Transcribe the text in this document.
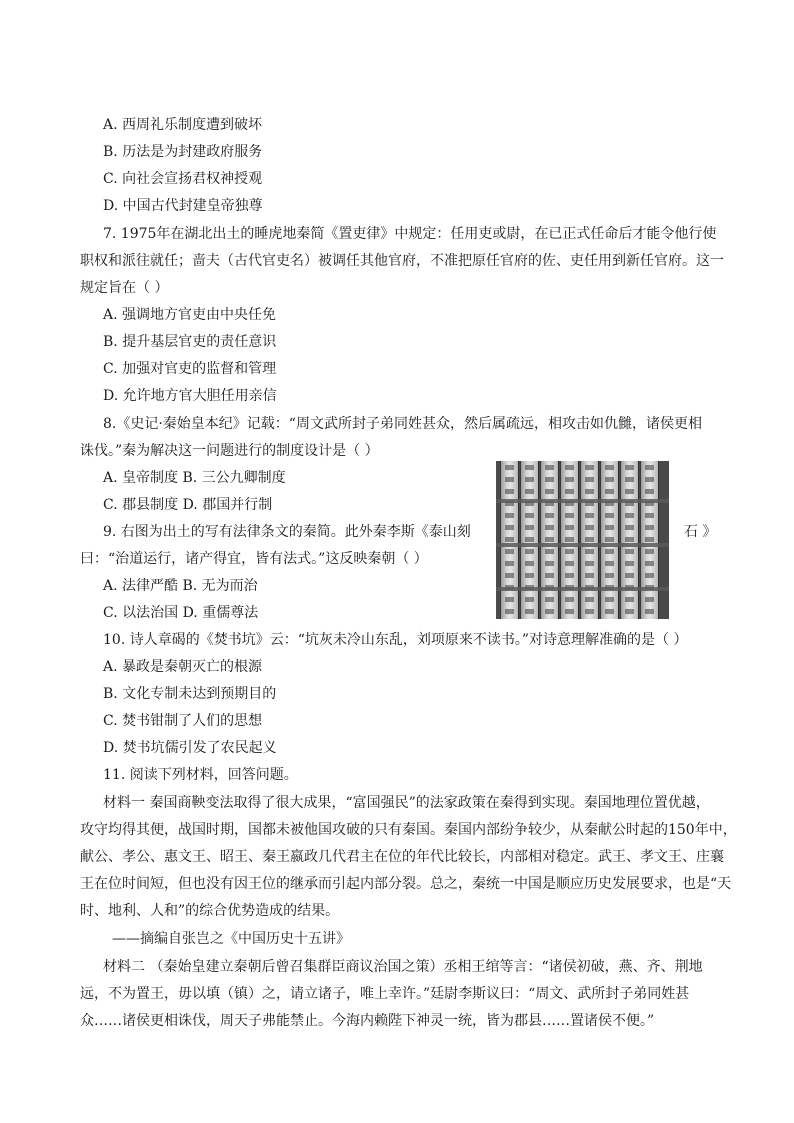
A. 西周礼乐制度遭到破坏
B. 历法是为封建政府服务
C. 向社会宣扬君权神授观
D. 中国古代封建皇帝独尊
7. 1975年在湖北出土的睡虎地秦简《置吏律》中规定：任用吏或尉，在已正式任命后才能令他行使
职权和派往就任；啬夫（古代官吏名）被调任其他官府，不准把原任官府的佐、吏任用到新任官府。这一
规定旨在（ ）
A. 强调地方官吏由中央任免
B. 提升基层官吏的责任意识
C. 加强对官吏的监督和管理
D. 允许地方官大胆任用亲信
8.《史记·秦始皇本纪》记载：“周文武所封子弟同姓甚众，然后属疏远，相攻击如仇雠，诸侯更相
诛伐。”秦为解决这一问题进行的制度设计是（ ）
A. 皇帝制度 B. 三公九卿制度
C. 郡县制度 D. 郡国并行制
9. 右图为出土的写有法律条文的秦简。此外秦李斯《泰山刻	石 》
曰：“治道运行，诸产得宜，皆有法式。”这反映秦朝（ ）
A. 法律严酷 B. 无为而治
C. 以法治国 D. 重儒尊法
10. 诗人章碣的《焚书坑》云：“坑灰未冷山东乱，刘项原来不读书。”对诗意理解准确的是（ ）
A. 暴政是秦朝灭亡的根源
B. 文化专制未达到预期目的
C. 焚书钳制了人们的思想
D. 焚书坑儒引发了农民起义
11. 阅读下列材料，回答问题。
材料一 秦国商鞅变法取得了很大成果，“富国强民”的法家政策在秦得到实现。秦国地理位置优越，
攻守均得其便，战国时期，国都未被他国攻破的只有秦国。秦国内部纷争较少，从秦献公时起的150年中，
献公、孝公、惠文王、昭王、秦王嬴政几代君主在位的年代比较长，内部相对稳定。武王、孝文王、庄襄
王在位时间短，但也没有因王位的继承而引起内部分裂。总之，秦统一中国是顺应历史发展要求，也是“天
时、地利、人和”的综合优势造成的结果。
——摘编自张岂之《中国历史十五讲》
材料二 （秦始皇建立秦朝后曾召集群臣商议治国之策）丞相王绾等言：“诸侯初破，燕、齐、荆地
远，不为置王，毋以填（镇）之，请立诸子，唯上幸许。”廷尉李斯议曰：“周文、武所封子弟同姓甚
众……诸侯更相诛伐，周天子弗能禁止。今海内赖陛下神灵一统，皆为郡县……置诸侯不便。”
